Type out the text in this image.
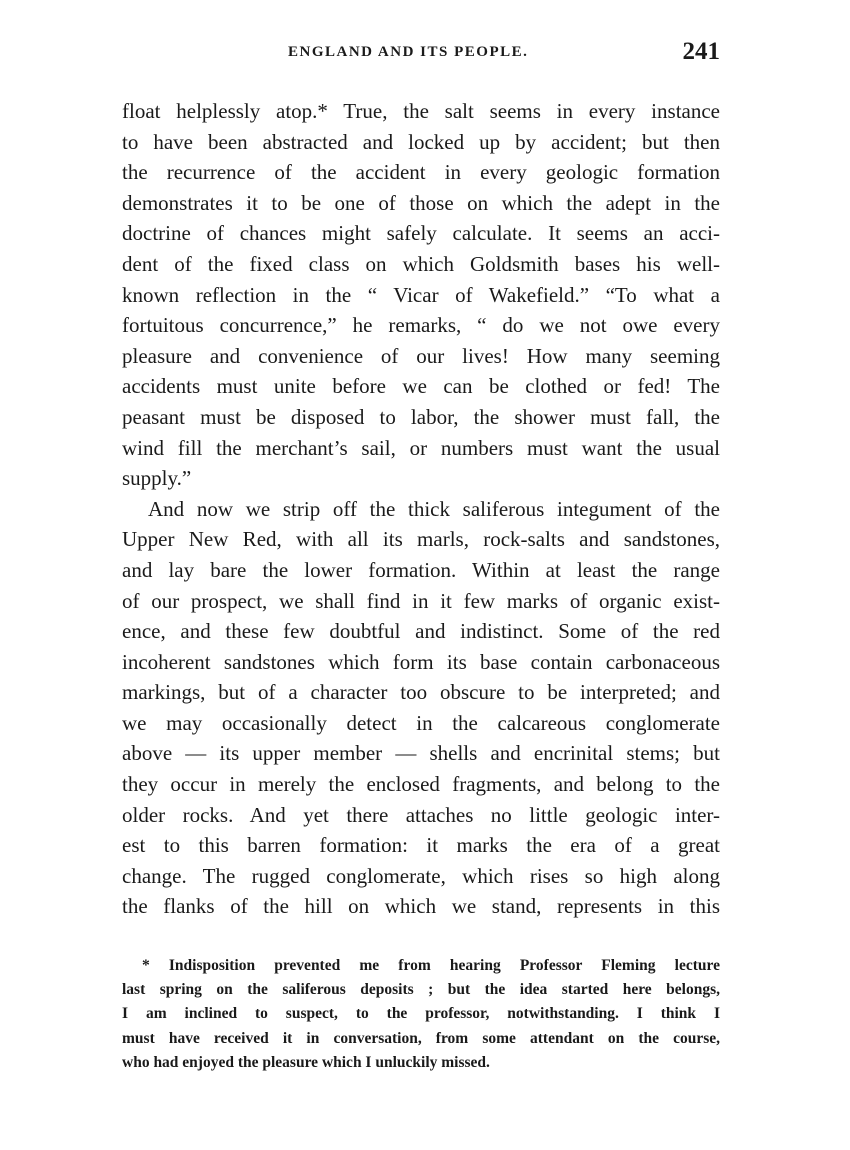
ENGLAND AND ITS PEOPLE.	241
float helplessly atop.* True, the salt seems in every instance
to have been abstracted and locked up by accident; but then
the recurrence of the accident in every geologic formation
demonstrates it to be one of those on which the adept in the
doctrine of chances might safely calculate. It seems an acci-
dent of the fixed class on which Goldsmith bases his well-
known reflection in the “ Vicar of Wakefield.” “To what a
fortuitous concurrence,” he remarks, “ do we not owe every
pleasure and convenience of our lives! How many seeming
accidents must unite before we can be clothed or fed! The
peasant must be disposed to labor, the shower must fall, the
wind fill the merchant’s sail, or numbers must want the usual
supply.”
And now we strip off the thick saliferous integument of the
Upper New Red, with all its marls, rock-salts and sandstones,
and lay bare the lower formation. Within at least the range
of our prospect, we shall find in it few marks of organic exist-
ence, and these few doubtful and indistinct. Some of the red
incoherent sandstones which form its base contain carbonaceous
markings, but of a character too obscure to be interpreted; and
we may occasionally detect in the calcareous conglomerate
above — its upper member — shells and encrinital stems; but
they occur in merely the enclosed fragments, and belong to the
older rocks. And yet there attaches no little geologic inter-
est to this barren formation: it marks the era of a great
change. The rugged conglomerate, which rises so high along
the flanks of the hill on which we stand, represents in this
* Indisposition prevented me from hearing Professor Fleming lecture
last spring on the saliferous deposits ; but the idea started here belongs,
I am inclined to suspect, to the professor, notwithstanding. I think I
must have received it in conversation, from some attendant on the course,
who had enjoyed the pleasure which I unluckily missed.
